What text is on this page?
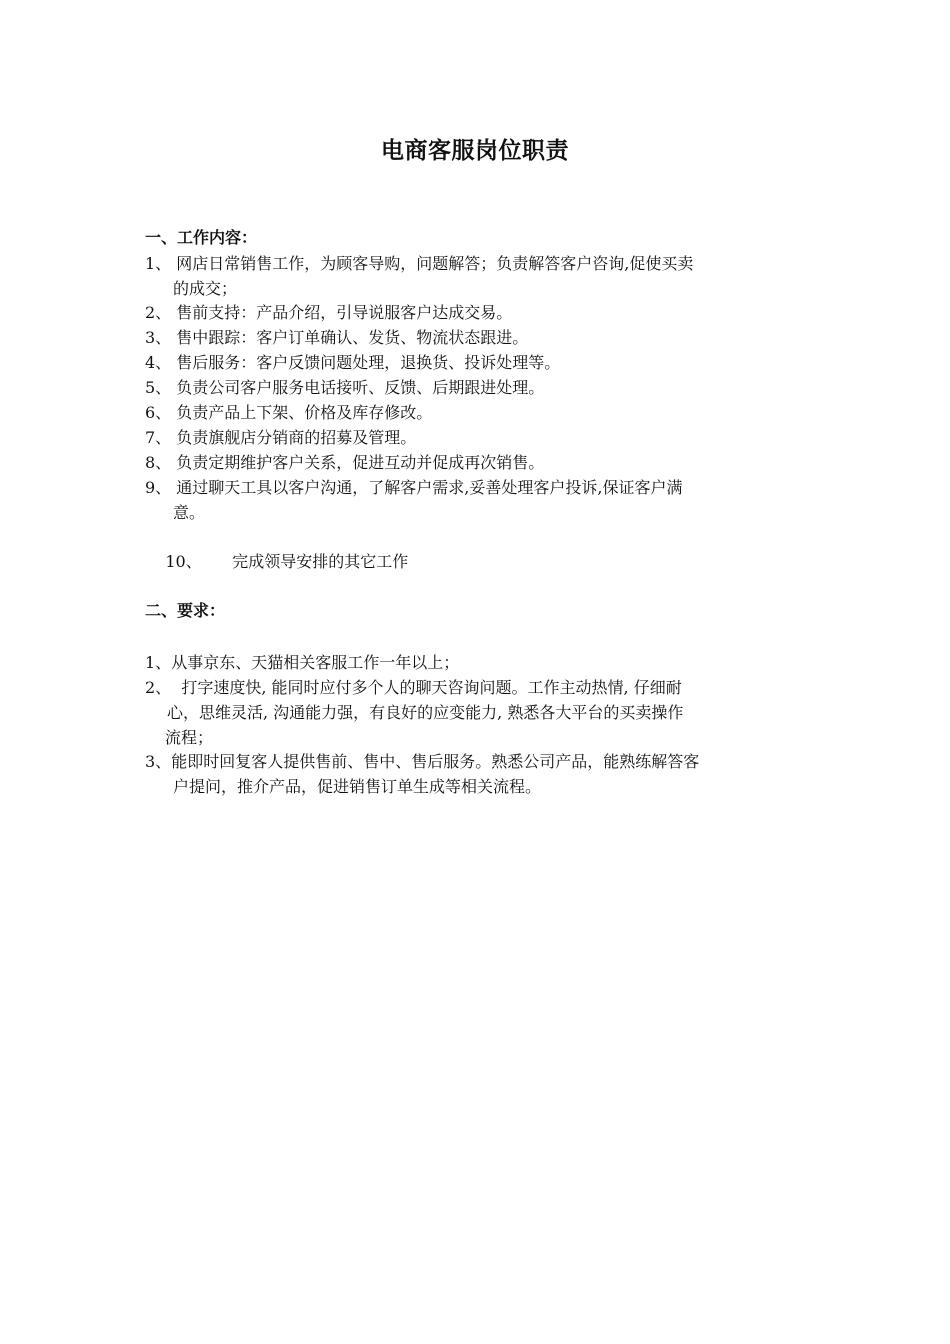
电商客服岗位职责
一、工作内容：
1、 网店日常销售工作，为顾客导购，问题解答；负责解答客户咨询,促使买卖
的成交；
2、 售前支持：产品介绍，引导说服客户达成交易。
3、 售中跟踪：客户订单确认、发货、物流状态跟进。
4、 售后服务：客户反馈问题处理，退换货、投诉处理等。
5、 负责公司客户服务电话接听、反馈、后期跟进处理。
6、 负责产品上下架、价格及库存修改。
7、 负责旗舰店分销商的招募及管理。
8、 负责定期维护客户关系，促进互动并促成再次销售。
9、 通过聊天工具以客户沟通，了解客户需求,妥善处理客户投诉,保证客户满
意。

10、      完成领导安排的其它工作

二、要求：
1、从事京东、天猫相关客服工作一年以上；
2、  打字速度快, 能同时应付多个人的聊天咨询问题。工作主动热情, 仔细耐
心，思维灵活, 沟通能力强，有良好的应变能力, 熟悉各大平台的买卖操作
流程；
3、能即时回复客人提供售前、售中、售后服务。熟悉公司产品，能熟练解答客
户提问，推介产品，促进销售订单生成等相关流程。
